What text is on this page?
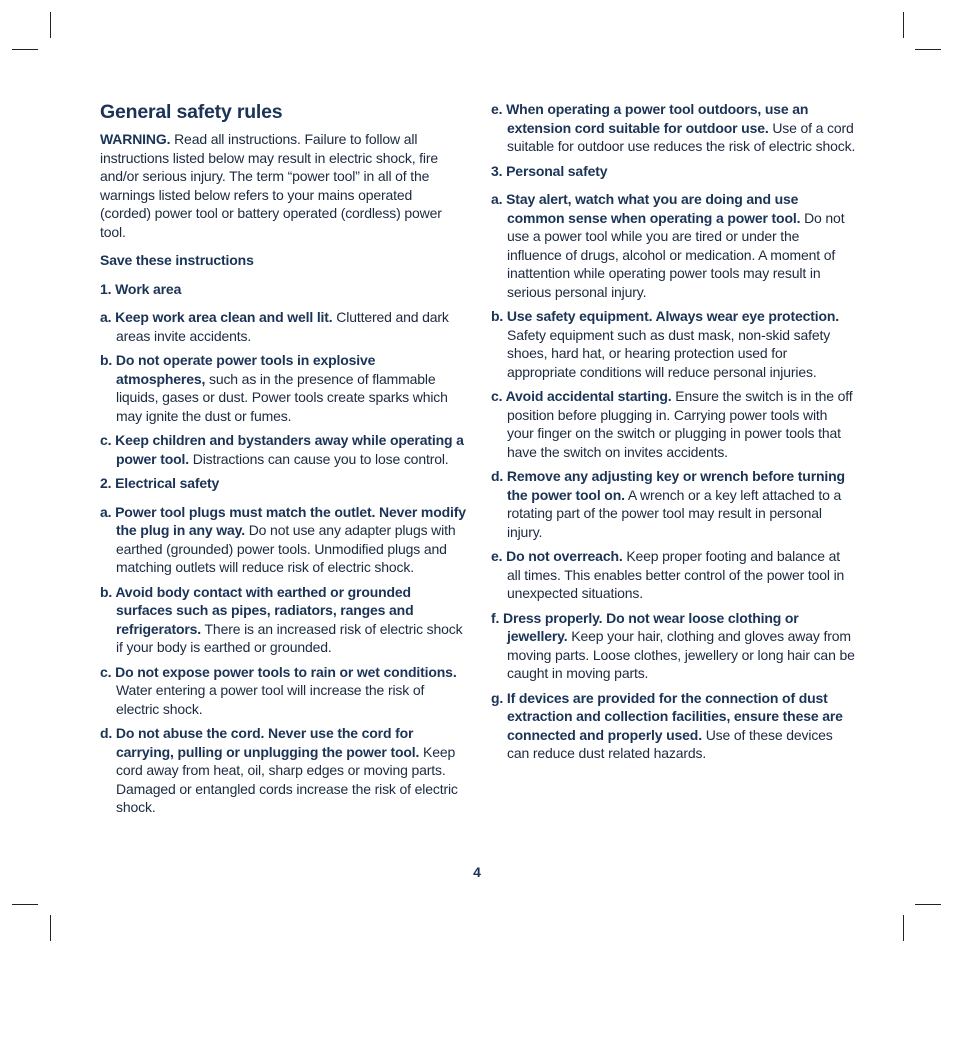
General safety rules

WARNING. Read all instructions. Failure to follow all instructions listed below may result in electric shock, fire and/or serious injury. The term “power tool” in all of the warnings listed below refers to your mains operated (corded) power tool or battery operated (cordless) power tool.

Save these instructions

1. Work area

a. Keep work area clean and well lit. Cluttered and dark areas invite accidents.

b. Do not operate power tools in explosive atmospheres, such as in the presence of flammable liquids, gases or dust. Power tools create sparks which may ignite the dust or fumes.

c. Keep children and bystanders away while operating a power tool. Distractions can cause you to lose control.

2. Electrical safety

a. Power tool plugs must match the outlet. Never modify the plug in any way. Do not use any adapter plugs with earthed (grounded) power tools. Unmodified plugs and matching outlets will reduce risk of electric shock.

b. Avoid body contact with earthed or grounded surfaces such as pipes, radiators, ranges and refrigerators. There is an increased risk of electric shock if your body is earthed or grounded.

c. Do not expose power tools to rain or wet conditions. Water entering a power tool will increase the risk of electric shock.

d. Do not abuse the cord. Never use the cord for carrying, pulling or unplugging the power tool. Keep cord away from heat, oil, sharp edges or moving parts. Damaged or entangled cords increase the risk of electric shock.

e. When operating a power tool outdoors, use an extension cord suitable for outdoor use. Use of a cord suitable for outdoor use reduces the risk of electric shock.

3. Personal safety

a. Stay alert, watch what you are doing and use common sense when operating a power tool. Do not use a power tool while you are tired or under the influence of drugs, alcohol or medication. A moment of inattention while operating power tools may result in serious personal injury.

b. Use safety equipment. Always wear eye protection. Safety equipment such as dust mask, non-skid safety shoes, hard hat, or hearing protection used for appropriate conditions will reduce personal injuries.

c. Avoid accidental starting. Ensure the switch is in the off position before plugging in. Carrying power tools with your finger on the switch or plugging in power tools that have the switch on invites accidents.

d. Remove any adjusting key or wrench before turning the power tool on. A wrench or a key left attached to a rotating part of the power tool may result in personal injury.

e. Do not overreach. Keep proper footing and balance at all times. This enables better control of the power tool in unexpected situations.

f. Dress properly. Do not wear loose clothing or jewellery. Keep your hair, clothing and gloves away from moving parts. Loose clothes, jewellery or long hair can be caught in moving parts.

g. If devices are provided for the connection of dust extraction and collection facilities, ensure these are connected and properly used. Use of these devices can reduce dust related hazards.

4
